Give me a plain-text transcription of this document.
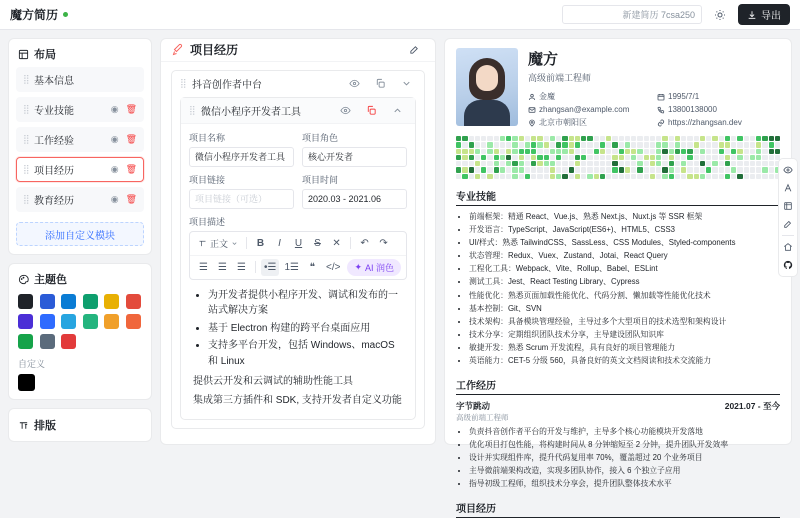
魔方简历	新建简历 7csa250	导出
布局
⣿ 基本信息
⣿ 专业技能	◉ 🗑
⣿ 工作经验	◉ 🗑
⣿ 项目经历	◉ 🗑
⣿ 教育经历	◉ 🗑
添加自定义模块
主题色
自定义
排版
项目经历
⣿ 抖音创作者中台
⣿ 微信小程序开发者工具
项目名称
微信小程序开发者工具
项目角色
核心开发者
项目链接
项目链接（可选）
项目时间
2020.03 - 2021.06
项目描述
正文	B	I	U	S	✕	↶	↷
☰	☰	☰	•☰ 1☰	❝	</>	✦ AI 润色
• 为开发者提供小程序开发、调试和发布的一站式解决方案
• 基于 Electron 构建的跨平台桌面应用
• 支持多平台开发，包括 Windows、macOS 和 Linux

提供云开发和云调试的辅助性能工具

集成第三方插件和 SDK, 支持开发者自定义功能

魔方
高级前端工程师
金魔	1995/7/1
zhangsan@example.com	13800138000
北京市朝阳区	https://zhangsan.dev
专业技能
• 前端框架：精通 React、Vue.js、熟悉 Next.js、Nuxt.js 等 SSR 框架
• 开发语言：TypeScript、JavaScript(ES6+)、HTML5、CSS3
• UI/样式：熟悉 TailwindCSS、SassLess、CSS Modules、Styled-components
• 状态管理：Redux、Vuex、Zustand、Jotai、React Query
• 工程化工具：Webpack、Vite、Rollup、Babel、ESLint
• 测试工具：Jest、React Testing Library、Cypress
• 性能优化：熟悉页面加载性能优化、代码分割、懒加载等性能优化技术
• 基本控制：Git、SVN
• 技术架构：具备模块管理经验，主导过多个大型项目的技术选型和架构设计
• 技术分享：定期组织团队技术分享，主导建设团队知识库
• 敏捷开发：熟悉 Scrum 开发流程，具有良好的项目管理能力
• 英语能力：CET-5 分级 560，具备良好的英文文档阅读和技术交流能力
工作经历
字节跳动	2021.07 - 至今
高级前端工程师
• 负责抖音创作者平台的开发与维护，主导多个核心功能模块开发落地
• 优化项目打包性能，将构建时间从 8 分钟缩短至 2 分钟，提升团队开发效率
• 设计并实现组件库，提升代码复用率 70%，覆盖超过 20 个业务项目
• 主导微前端架构改造，实现多团队协作，接入 6 个独立子应用
• 指导初级工程师，组织技术分享会，提升团队整体技术水平
项目经历
